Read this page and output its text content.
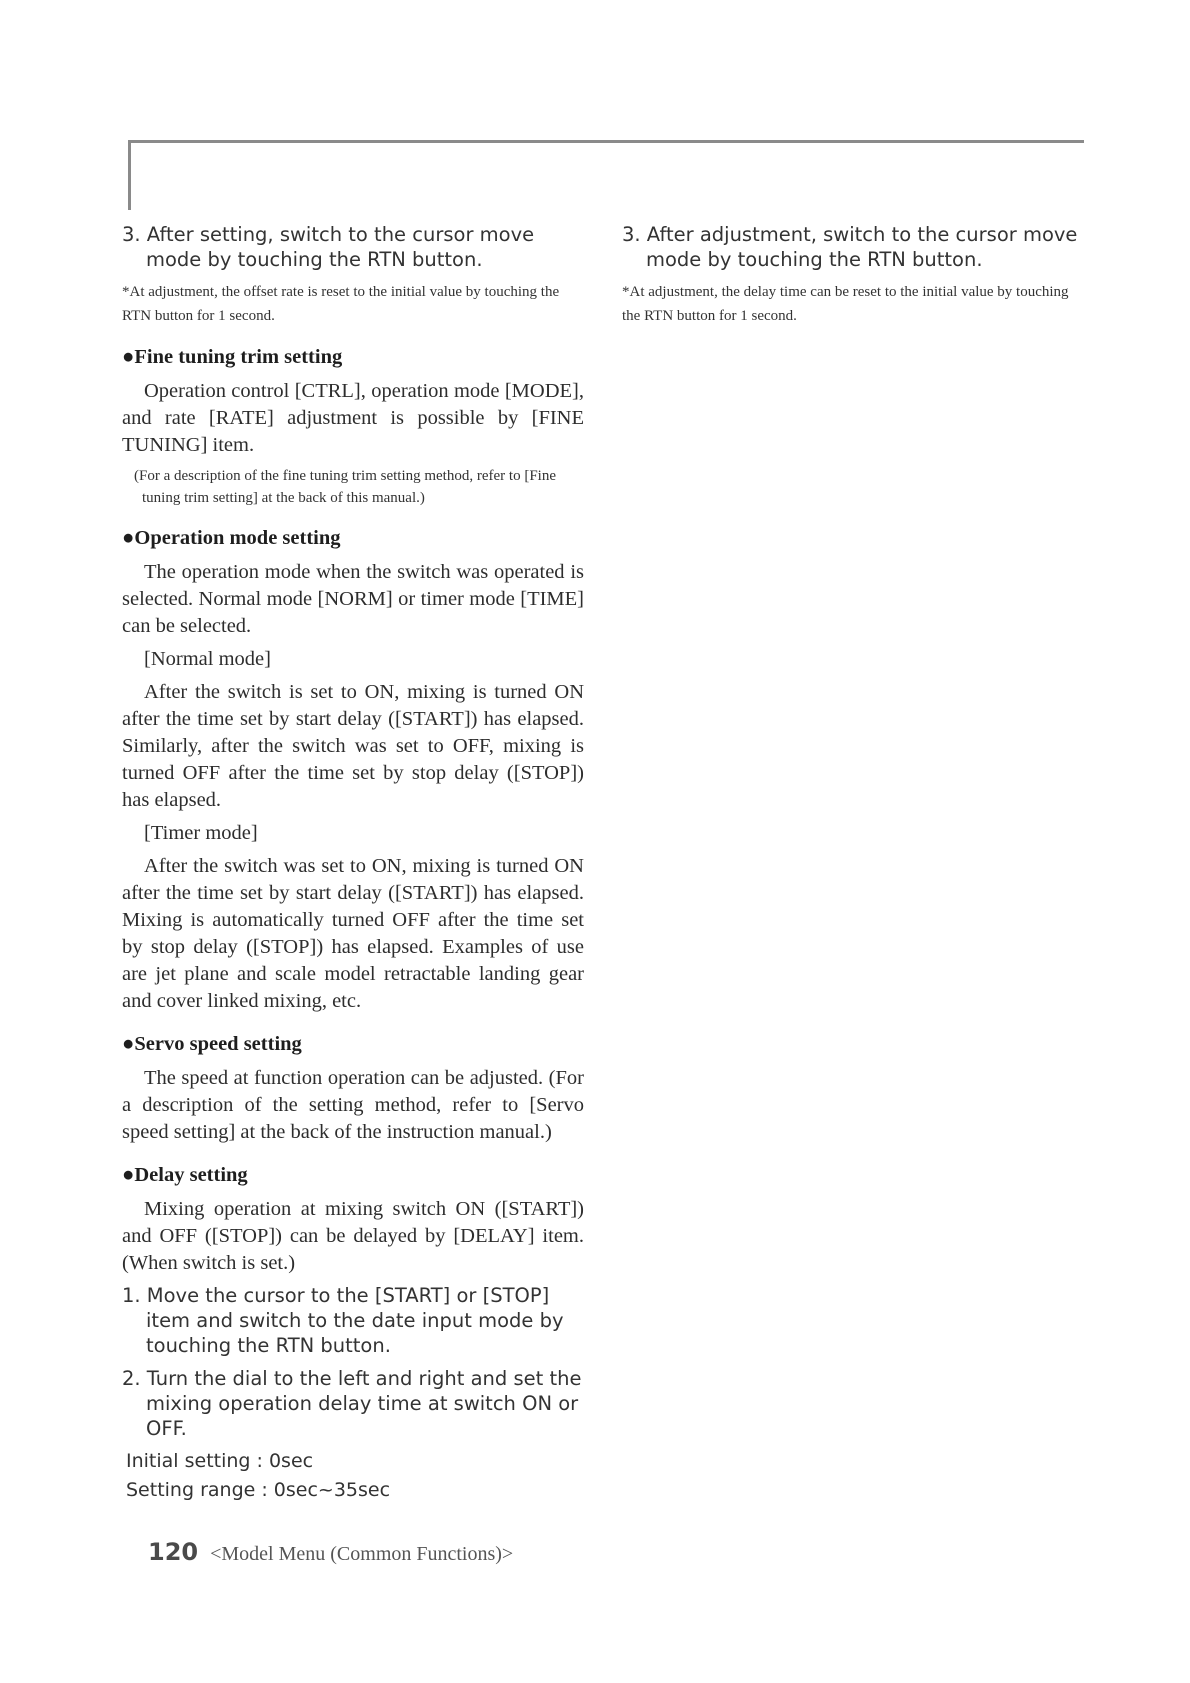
3. After setting, switch to the cursor move mode by touching the RTN button.

*At adjustment, the offset rate is reset to the initial value by touching the RTN button for 1 second.

●Fine tuning trim setting

Operation control [CTRL], operation mode [MODE], and rate [RATE] adjustment is possible by [FINE TUNING] item.

(For a description of the fine tuning trim setting method, refer to [Fine tuning trim setting] at the back of this manual.)

●Operation mode setting

The operation mode when the switch was operated is selected. Normal mode [NORM] or timer mode [TIME] can be selected.

[Normal mode]

After the switch is set to ON, mixing is turned ON after the time set by start delay ([START]) has elapsed. Similarly, after the switch was set to OFF, mixing is turned OFF after the time set by stop delay ([STOP]) has elapsed.

[Timer mode]

After the switch was set to ON, mixing is turned ON after the time set by start delay ([START]) has elapsed. Mixing is automatically turned OFF after the time set by stop delay ([STOP]) has elapsed. Examples of use are jet plane and scale model retractable landing gear and cover linked mixing, etc.

●Servo speed setting

The speed at function operation can be adjusted. (For a description of the setting method, refer to [Servo speed setting] at the back of the instruction manual.)

●Delay setting

Mixing operation at mixing switch ON ([START]) and OFF ([STOP]) can be delayed by [DELAY] item.(When switch is set.)

1. Move the cursor to the [START] or [STOP] item and switch to the date input mode by touching the RTN button.

2. Turn the dial to the left and right and set the mixing operation delay time at switch ON or OFF.

Initial setting : 0sec

Setting range : 0sec~35sec

3. After adjustment, switch to the cursor move mode by touching the RTN button.

*At adjustment, the delay time can be reset to the initial value by touching the RTN button for 1 second.

120 <Model Menu (Common Functions)>
